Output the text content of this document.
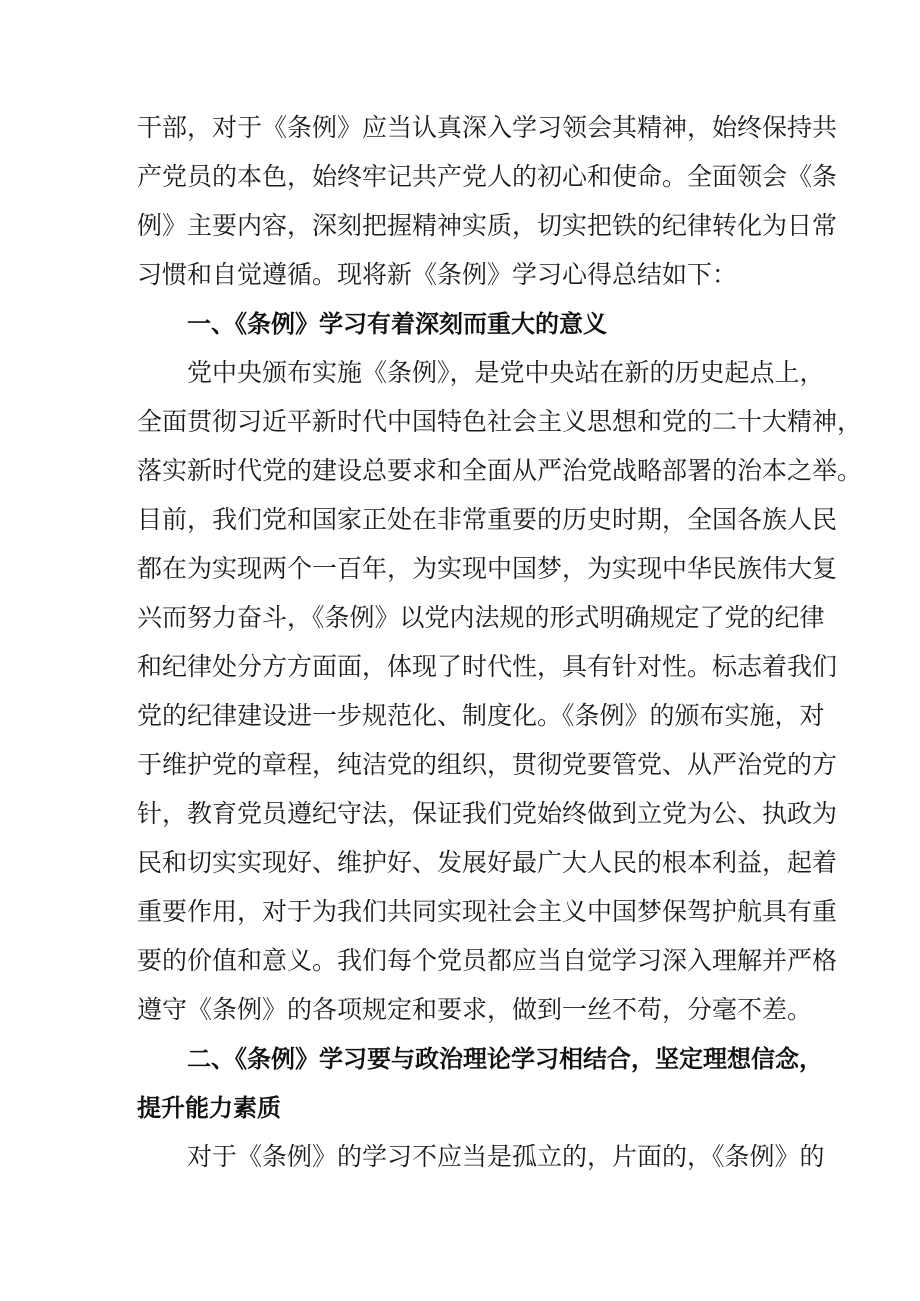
干部，对于《条例》应当认真深入学习领会其精神，始终保持共

产党员的本色，始终牢记共产党人的初心和使命。全面领会《条

例》主要内容，深刻把握精神实质，切实把铁的纪律转化为日常

习惯和自觉遵循。现将新《条例》学习心得总结如下：

一、《条例》学习有着深刻而重大的意义

党中央颁布实施《条例》，是党中央站在新的历史起点上，

全面贯彻习近平新时代中国特色社会主义思想和党的二十大精神，

落实新时代党的建设总要求和全面从严治党战略部署的治本之举。

目前，我们党和国家正处在非常重要的历史时期，全国各族人民

都在为实现两个一百年，为实现中国梦，为实现中华民族伟大复

兴而努力奋斗，《条例》以党内法规的形式明确规定了党的纪律

和纪律处分方方面面，体现了时代性，具有针对性。标志着我们

党的纪律建设进一步规范化、制度化。《条例》的颁布实施，对

于维护党的章程，纯洁党的组织，贯彻党要管党、从严治党的方

针，教育党员遵纪守法，保证我们党始终做到立党为公、执政为

民和切实实现好、维护好、发展好最广大人民的根本利益，起着

重要作用，对于为我们共同实现社会主义中国梦保驾护航具有重

要的价值和意义。我们每个党员都应当自觉学习深入理解并严格

遵守《条例》的各项规定和要求，做到一丝不苟，分毫不差。

二、《条例》学习要与政治理论学习相结合，坚定理想信念，

提升能力素质

对于《条例》的学习不应当是孤立的，片面的，《条例》的
